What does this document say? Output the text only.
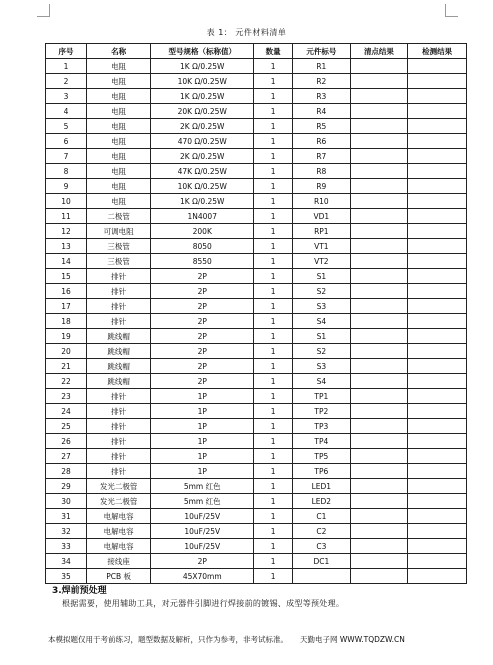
表 1： 元件材料清单
序号	名称	型号规格（标称值）	数量	元件标号	清点结果	检测结果
1	电阻	1K Ω/0.25W	1	R1		
2	电阻	10K Ω/0.25W	1	R2		
3	电阻	1K Ω/0.25W	1	R3		
4	电阻	20K Ω/0.25W	1	R4		
5	电阻	2K Ω/0.25W	1	R5		
6	电阻	470 Ω/0.25W	1	R6		
7	电阻	2K Ω/0.25W	1	R7		
8	电阻	47K Ω/0.25W	1	R8		
9	电阻	10K Ω/0.25W	1	R9		
10	电阻	1K Ω/0.25W	1	R10		
11	二极管	1N4007	1	VD1		
12	可调电阻	200K	1	RP1		
13	三极管	8050	1	VT1		
14	三极管	8550	1	VT2		
15	排针	2P	1	S1		
16	排针	2P	1	S2		
17	排针	2P	1	S3		
18	排针	2P	1	S4		
19	跳线帽	2P	1	S1		
20	跳线帽	2P	1	S2		
21	跳线帽	2P	1	S3		
22	跳线帽	2P	1	S4		
23	排针	1P	1	TP1		
24	排针	1P	1	TP2		
25	排针	1P	1	TP3		
26	排针	1P	1	TP4		
27	排针	1P	1	TP5		
28	排针	1P	1	TP6		
29	发光二极管	5mm 红色	1	LED1		
30	发光二极管	5mm 红色	1	LED2		
31	电解电容	10uF/25V	1	C1		
32	电解电容	10uF/25V	1	C2		
33	电解电容	10uF/25V	1	C3		
34	接线座	2P	1	DC1		
35	PCB 板	45X70mm	1			
3.焊前预处理
根据需要，使用辅助工具，对元器件引脚进行焊接前的镀锡、成型等预处理。
本模拟题仅用于考前练习，题型数据及解析，只作为参考，非考试标准。 天勤电子网 WWW.TQDZW.CN
